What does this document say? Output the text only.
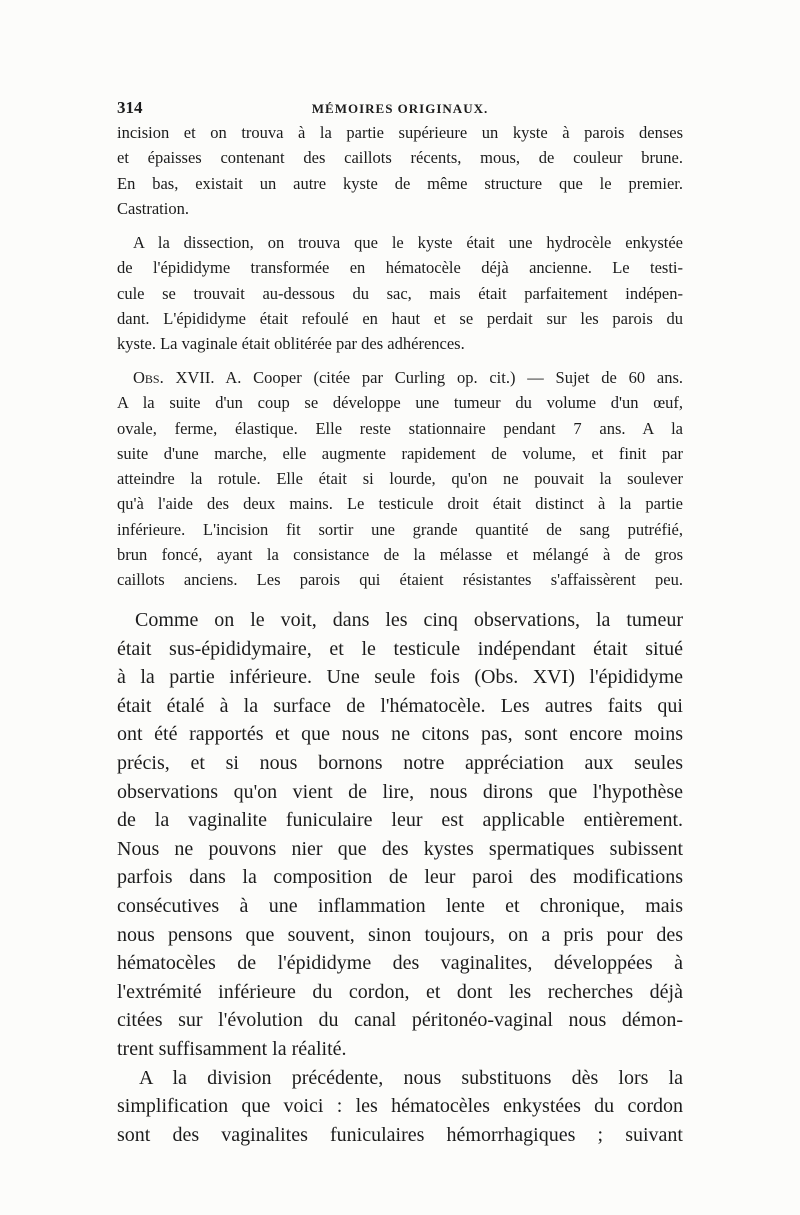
314	MÉMOIRES ORIGINAUX.
incision et on trouva à la partie supérieure un kyste à parois denses
et épaisses contenant des caillots récents, mous, de couleur brune.
En bas, existait un autre kyste de même structure que le premier.
Castration.
A la dissection, on trouva que le kyste était une hydrocèle enkystée
de l'épididyme transformée en hématocèle déjà ancienne. Le testi-
cule se trouvait au-dessous du sac, mais était parfaitement indépen-
dant. L'épididyme était refoulé en haut et se perdait sur les parois du
kyste. La vaginale était oblitérée par des adhérences.
Obs. XVII. A. Cooper (citée par Curling op. cit.) — Sujet de 60 ans.
A la suite d'un coup se développe une tumeur du volume d'un œuf,
ovale, ferme, élastique. Elle reste stationnaire pendant 7 ans. A la
suite d'une marche, elle augmente rapidement de volume, et finit par
atteindre la rotule. Elle était si lourde, qu'on ne pouvait la soulever
qu'à l'aide des deux mains. Le testicule droit était distinct à la partie
inférieure. L'incision fit sortir une grande quantité de sang putréfié,
brun foncé, ayant la consistance de la mélasse et mélangé à de gros
caillots anciens. Les parois qui étaient résistantes s'affaissèrent peu.
Comme on le voit, dans les cinq observations, la tumeur
était sus-épididymaire, et le testicule indépendant était situé
à la partie inférieure. Une seule fois (Obs. XVI) l'épididyme
était étalé à la surface de l'hématocèle. Les autres faits qui
ont été rapportés et que nous ne citons pas, sont encore moins
précis, et si nous bornons notre appréciation aux seules
observations qu'on vient de lire, nous dirons que l'hypothèse
de la vaginalite funiculaire leur est applicable entièrement.
Nous ne pouvons nier que des kystes spermatiques subissent
parfois dans la composition de leur paroi des modifications
consécutives à une inflammation lente et chronique, mais
nous pensons que souvent, sinon toujours, on a pris pour des
hématocèles de l'épididyme des vaginalites, développées à
l'extrémité inférieure du cordon, et dont les recherches déjà
citées sur l'évolution du canal péritonéo-vaginal nous démon-
trent suffisamment la réalité.
A la division précédente, nous substituons dès lors la
simplification que voici : les hématocèles enkystées du cordon
sont des vaginalites funiculaires hémorrhagiques ; suivant
